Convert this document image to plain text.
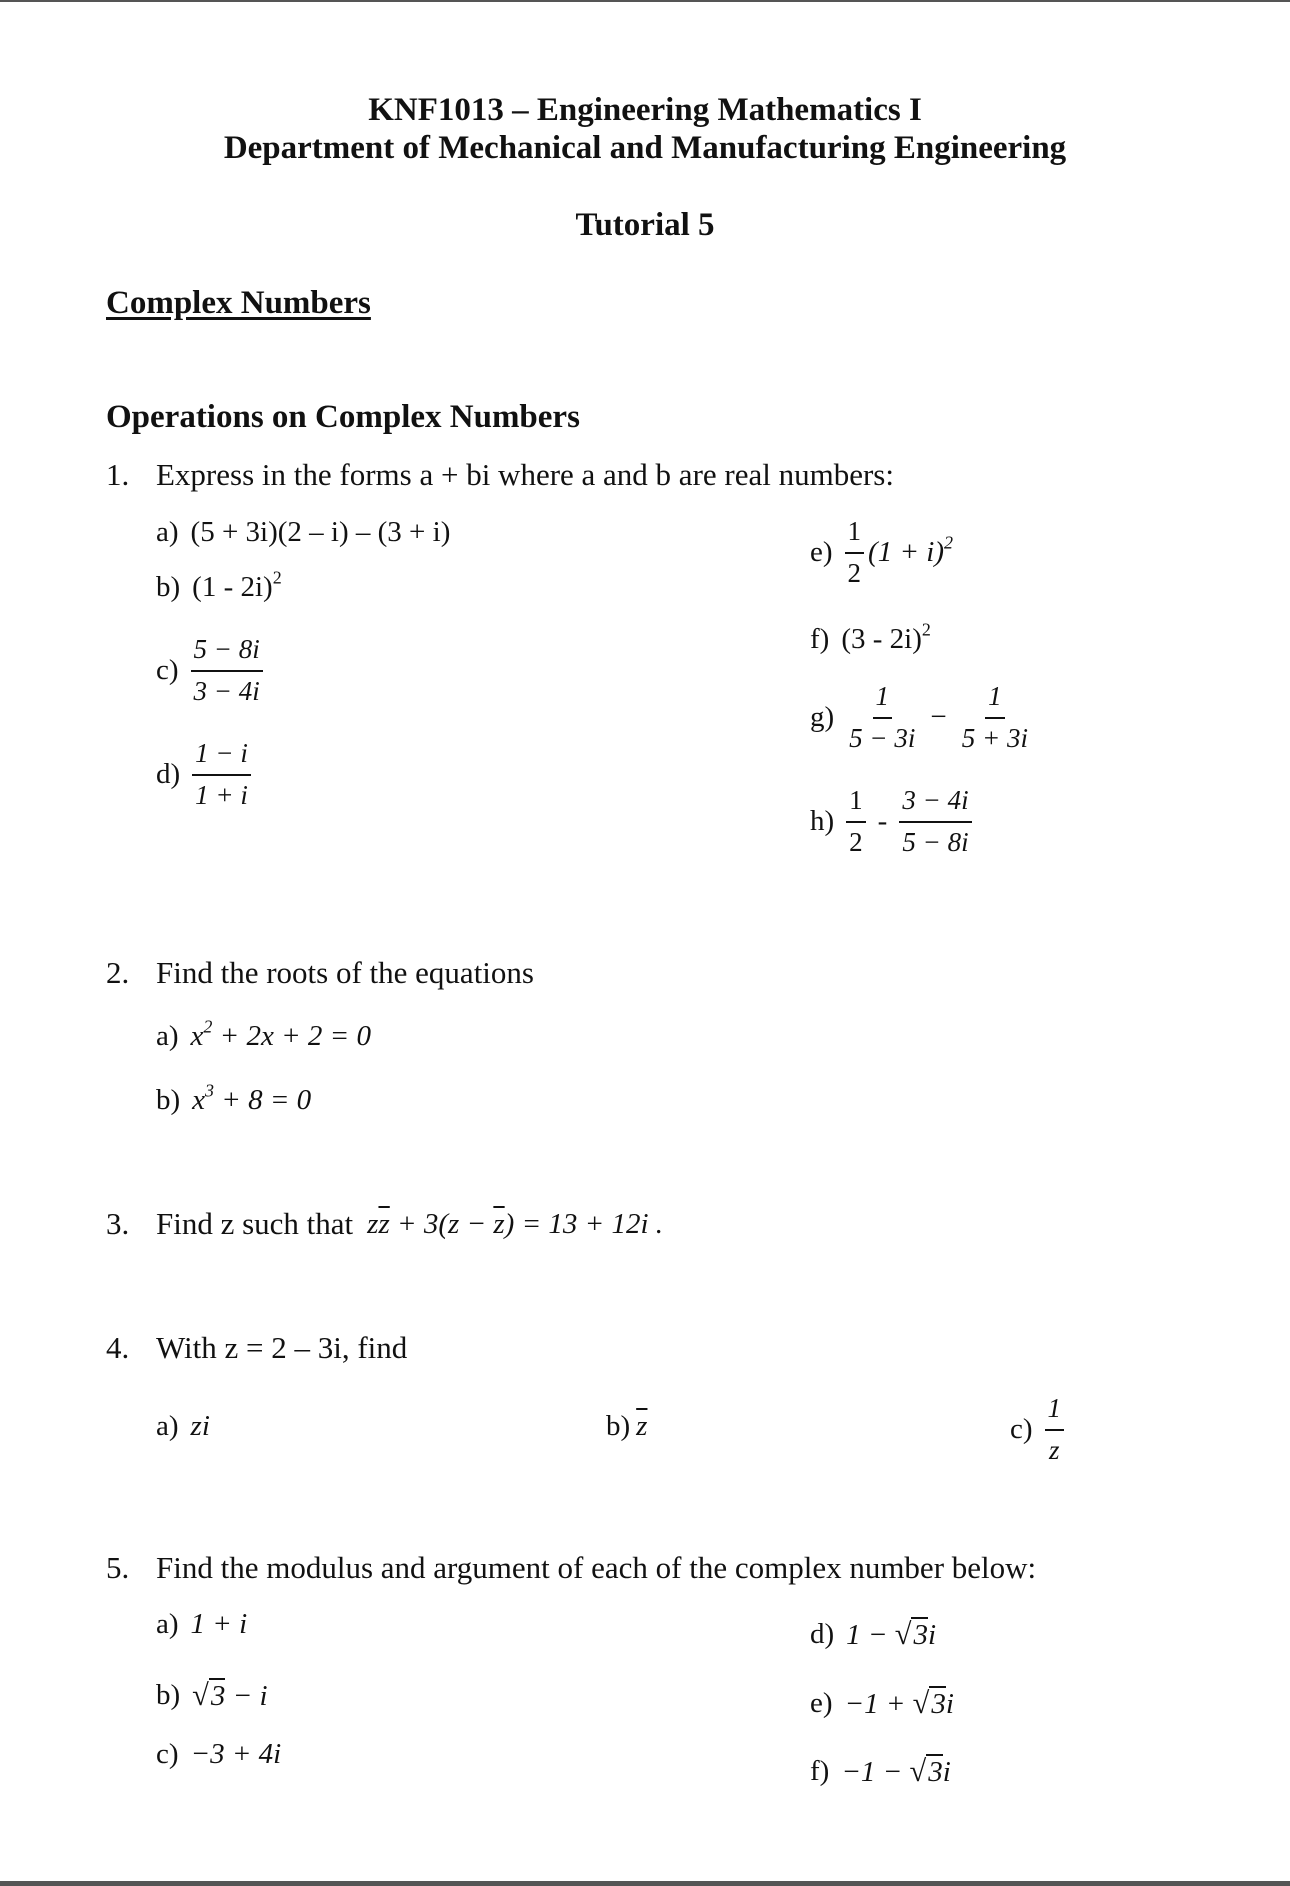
KNF1013 – Engineering Mathematics I
Department of Mechanical and Manufacturing Engineering
Tutorial 5
Complex Numbers
Operations on Complex Numbers
1. Express in the forms a + bi where a and b are real numbers:
a) (5 + 3i)(2 – i) – (3 + i)
b) (1 - 2i)$^2$
$c) \frac{5 - 8i}{3 - 4i}$
$d) \frac{1 - i}{1 + i}$
$e) \frac{1}{2} (1 + i)^2$
f) (3 - 2i)$^2$
$g) \frac{1}{5 - 3i} - \frac{1}{5 + 3i}$
$h) \frac{1}{2} - \frac{3 - 4i}{5 - 8i}$
2. Find the roots of the equations
a) $x^2 + 2x + 2 = 0$
b) $x^3 + 8 = 0$
3. Find z such that $z\overline{z} + 3(z - \overline{z}) = 13 + 12i$ .
4. With z = 2 – 3i, find
a) zi	b) $\overline{z}$	$c) \frac{1}{z}$
5. Find the modulus and argument of each of the complex number below:
a) 1 + i
b) √3 − i
c) −3 + 4i
d) 1 − √3i
e) −1 + √3i
f) −1 − √3i
